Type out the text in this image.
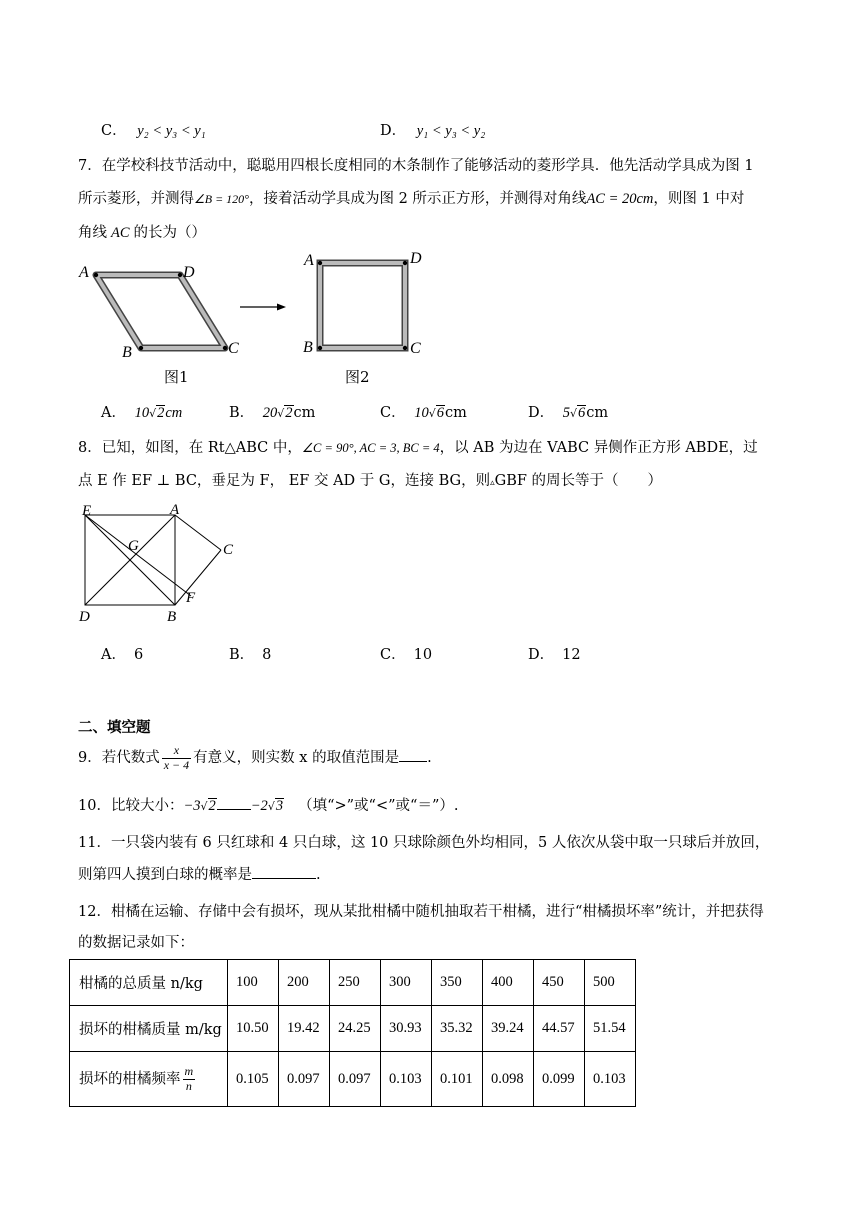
C． y₂ < y₃ < y₁	D． y₁ < y₃ < y₂
7．在学校科技节活动中，聪聪用四根长度相同的木条制作了能够活动的菱形学具．他先活动学具成为图 1
所示菱形，并测得∠B = 120°，接着活动学具成为图 2 所示正方形，并测得对角线AC = 20cm，则图 1 中对
角线 AC 的长为（）
A	D
B	C
A	D
B	C
图1	图2
A． 10√2cm	B． 20√2cm	C． 10√6cm	D． 5√6cm
8．已知，如图，在 Rt△ABC 中，∠C = 90°, AC = 3, BC = 4，以 AB 为边在 VABC 异侧作正方形 ABDE，过
点 E 作 EF ⊥ BC，垂足为 F， EF 交 AD 于 G，连接 BG，则▵GBF 的周长等于（　　）
E	A
C
G
D	B
F
A． 6	B． 8	C． 10	D． 12
二、填空题
9．若代数式 $\frac{x}{x - 4}$ 有意义，则实数 x 的取值范围是 .
10．比较大小：−3√2 −2√3 （填“>”或“<”或“＝”）.
11．一只袋内装有 6 只红球和 4 只白球，这 10 只球除颜色外均相同，5 人依次从袋中取一只球后并放回，
则第四人摸到白球的概率是	.
12．柑橘在运输、存储中会有损坏，现从某批柑橘中随机抽取若干柑橘，进行“柑橘损坏率”统计，并把获得
的数据记录如下：
柑橘的总质量 n/kg	100	200	250	300	350	400	450	500
损坏的柑橘质量 m/kg	10.50	19.42	24.25	30.93	35.32	39.24	44.57	51.54
损坏的柑橘频率 $\frac{m}{n}$	0.105	0.097	0.097	0.103	0.101	0.098	0.099	0.103
